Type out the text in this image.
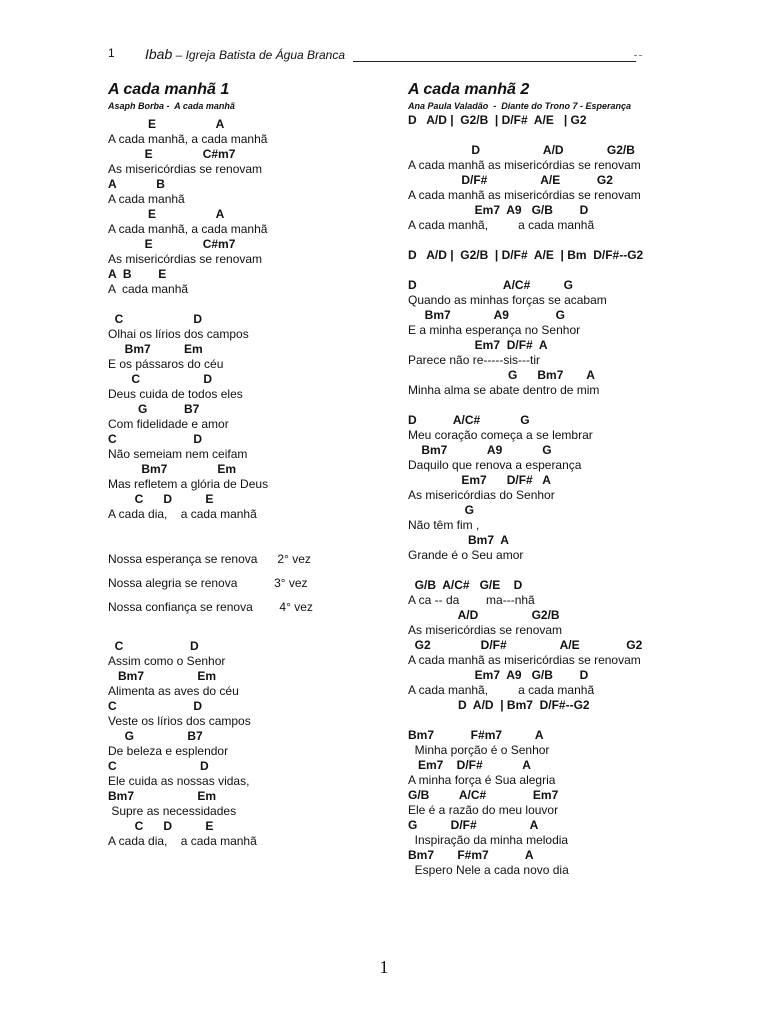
1 Ibab – Igreja Batista de Água Branca
A cada manhã 1
Asaph Borba -  A cada manhã
E                  A
A cada manhã, a cada manhã
E               C#m7
As misericórdias se renovam
A            B
A cada manhã
E                  A
A cada manhã, a cada manhã
E               C#m7
As misericórdias se renovam
A  B        E
A  cada manhã
C                     D
Olhai os lírios dos campos
Bm7          Em
E os pássaros do céu
C                   D
Deus cuida de todos eles
G           B7
Com fidelidade e amor
C                       D
Não semeiam nem ceifam
Bm7               Em
Mas refletem a glória de Deus
C      D          E
A cada dia,    a cada manhã
Nossa esperança se renova      2° vez
Nossa alegria se renova           3° vez
Nossa confiança se renova        4° vez
C                    D
Assim como o Senhor
Bm7                Em
Alimenta as aves do céu
C                       D
Veste os lírios dos campos
G                B7
De beleza e esplendor
C                         D
Ele cuida as nossas vidas,
Bm7                   Em
Supre as necessidades
C      D          E
A cada dia,    a cada manhã
A cada manhã 2
Ana Paula Valadão  -  Diante do Trono 7 - Esperança
D   A/D |  G2/B  | D/F#  A/E   | G2
D                   A/D             G2/B
A cada manhã as misericórdias se renovam
D/F#                A/E           G2
A cada manhã as misericórdias se renovam
Em7  A9   G/B        D
A cada manhã,         a cada manhã
D   A/D |  G2/B  | D/F#  A/E  | Bm  D/F#--G2
D                          A/C#          G
Quando as minhas forças se acabam
Bm7             A9              G
E a minha esperança no Senhor
Em7  D/F#  A
Parece não re-----sis---tir
G      Bm7       A
Minha alma se abate dentro de mim
D           A/C#            G
Meu coração começa a se lembrar
Bm7            A9            G
Daquilo que renova a esperança
Em7      D/F#   A
As misericórdias do Senhor
G
Não têm fim ,
Bm7  A
Grande é o Seu amor
G/B  A/C#   G/E    D
A ca -- da        ma---nhã
A/D                G2/B
As misericórdias se renovam
G2               D/F#                A/E              G2
A cada manhã as misericórdias se renovam
Em7  A9   G/B        D
A cada manhã,         a cada manhã
D  A/D  | Bm7  D/F#--G2
Bm7           F#m7          A
Minha porção é o Senhor
Em7    D/F#            A
A minha força é Sua alegria
G/B         A/C#              Em7
Ele é a razão do meu louvor
G          D/F#                A
Inspiração da minha melodia
Bm7       F#m7           A
Espero Nele a cada novo dia
1
